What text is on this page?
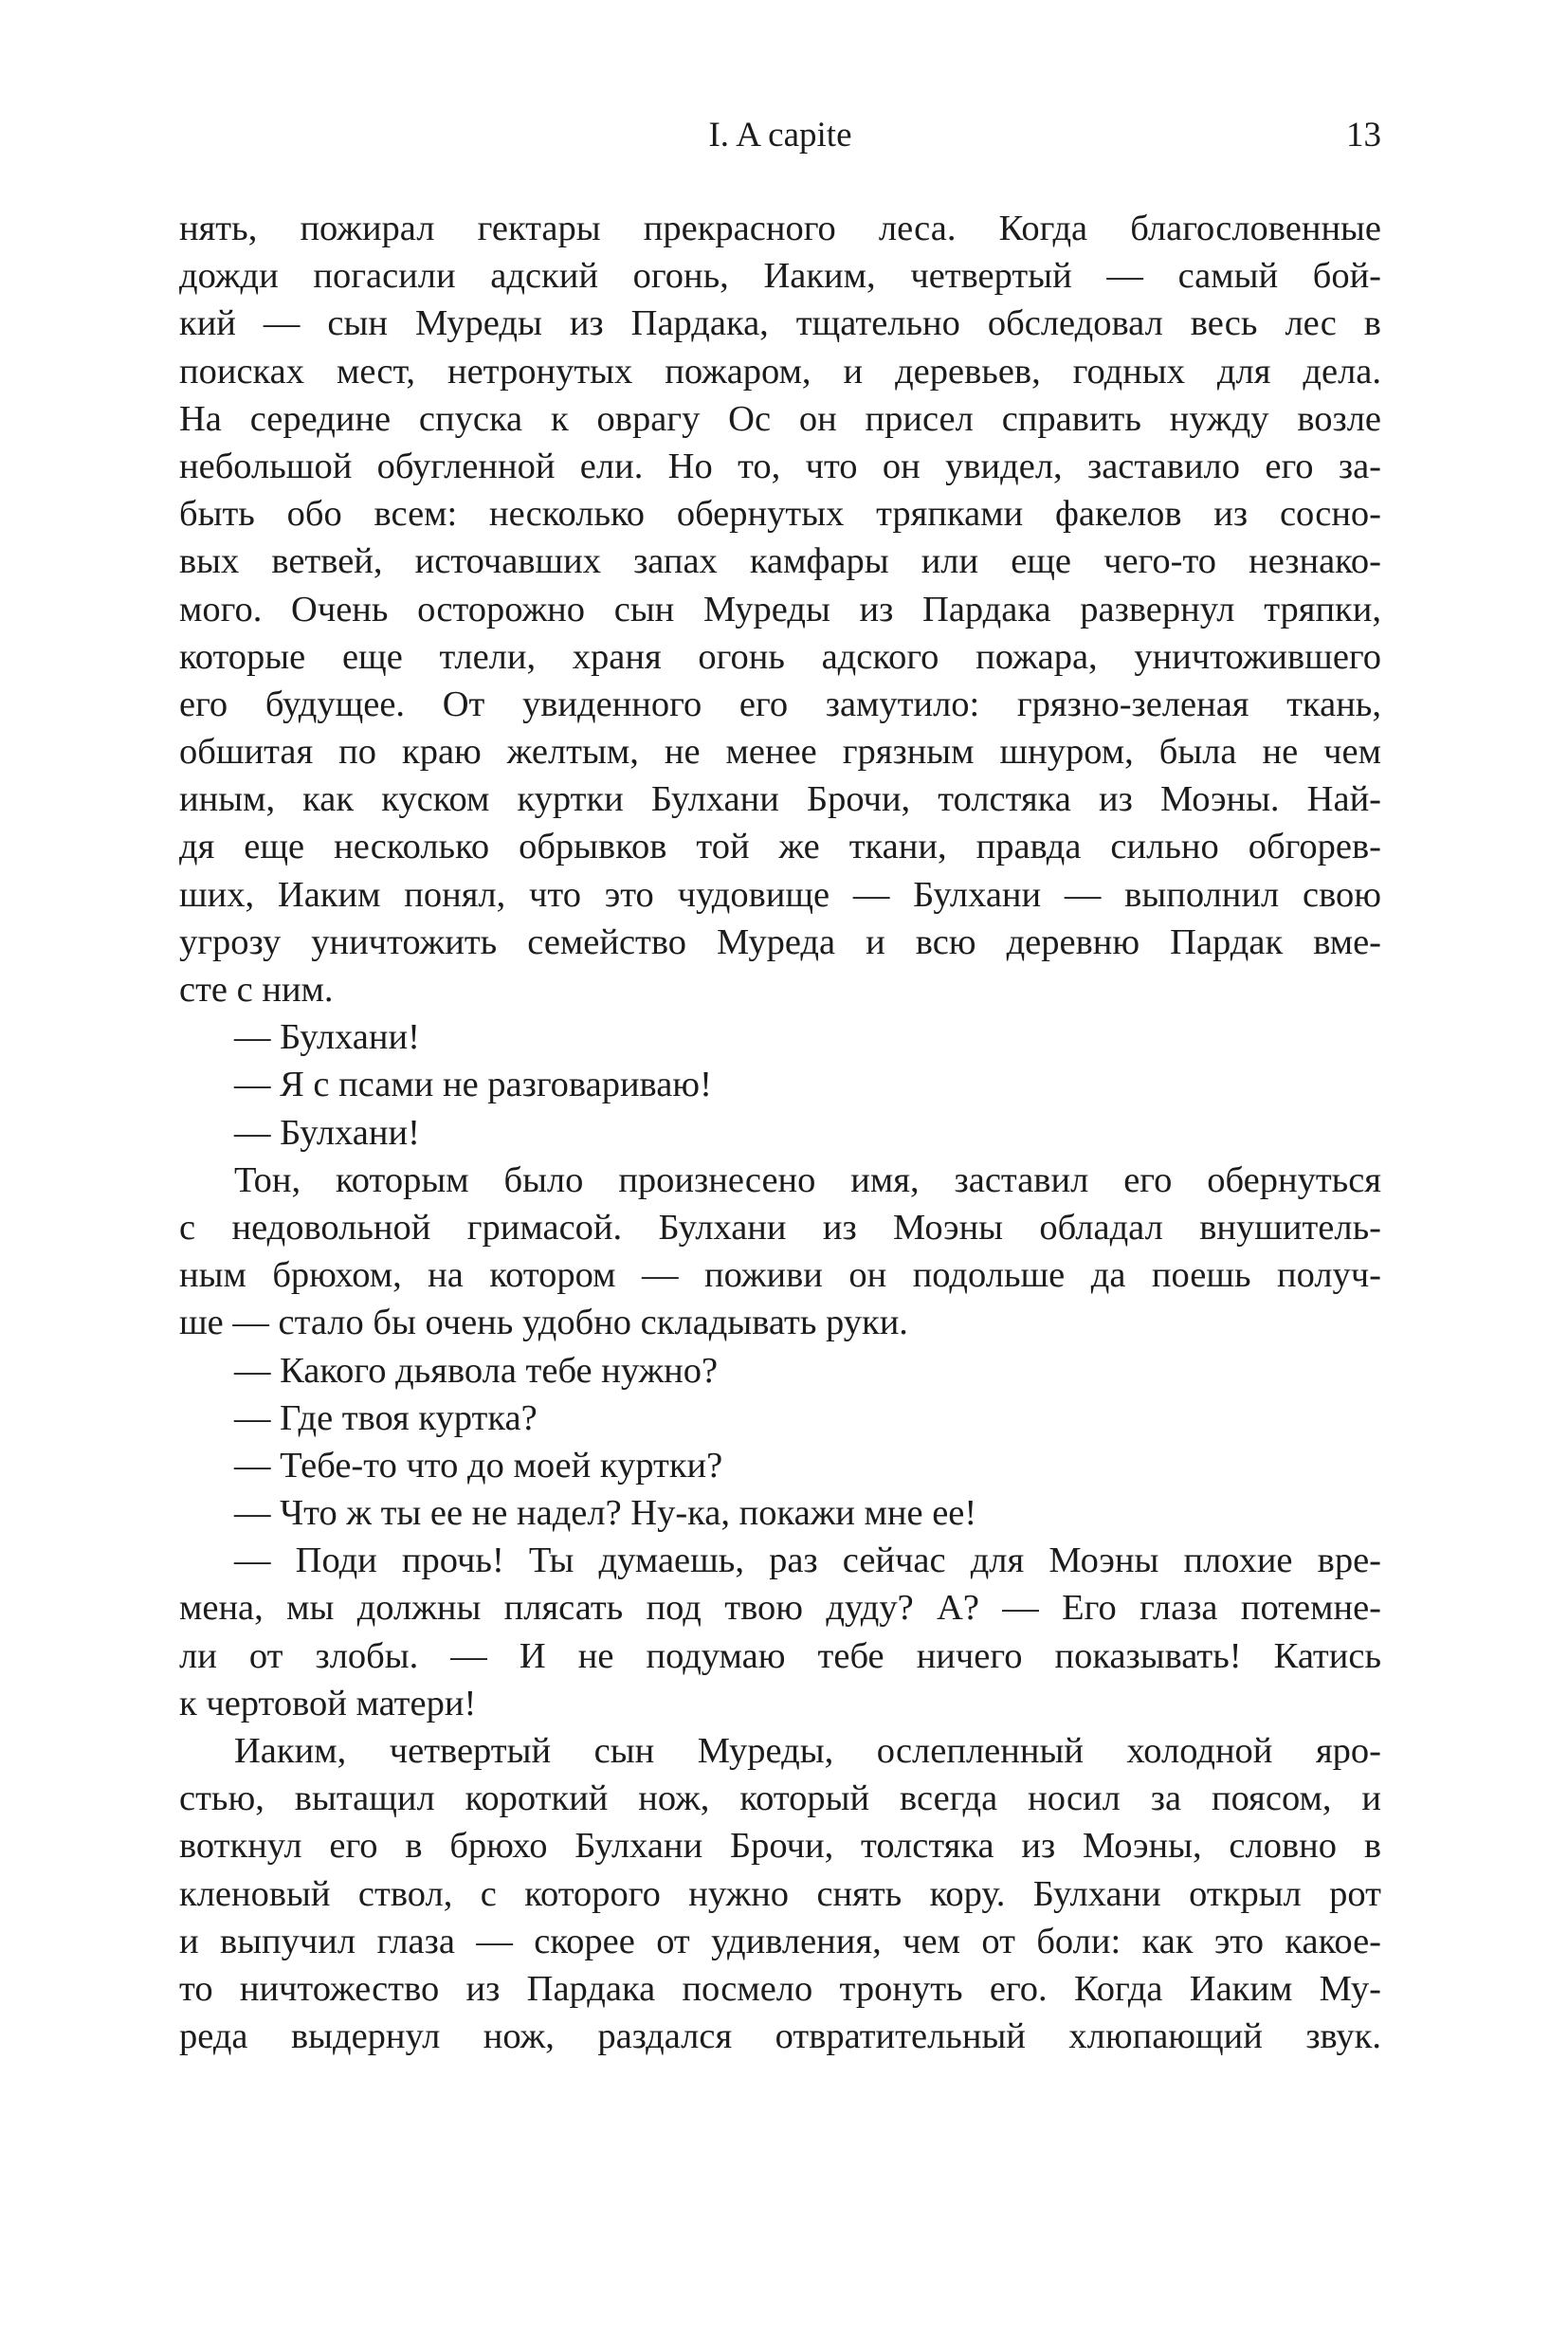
I. A capite	13
нять, пожирал гектары прекрасного леса. Когда благословенные
дожди погасили адский огонь, Иаким, четвертый — самый бой-
кий — сын Муреды из Пардака, тщательно обследовал весь лес в
поисках мест, нетронутых пожаром, и деревьев, годных для дела.
На середине спуска к оврагу Ос он присел справить нужду возле
небольшой обугленной ели. Но то, что он увидел, заставило его за-
быть обо всем: несколько обернутых тряпками факелов из сосно-
вых ветвей, источавших запах камфары или еще чего-то незнако-
мого. Очень осторожно сын Муреды из Пардака развернул тряпки,
которые еще тлели, храня огонь адского пожара, уничтожившего
его будущее. От увиденного его замутило: грязно-зеленая ткань,
обшитая по краю желтым, не менее грязным шнуром, была не чем
иным, как куском куртки Булхани Брочи, толстяка из Моэны. Най-
дя еще несколько обрывков той же ткани, правда сильно обгорев-
ших, Иаким понял, что это чудовище — Булхани — выполнил свою
угрозу уничтожить семейство Муреда и всю деревню Пардак вме-
сте с ним.
— Булхани!
— Я с псами не разговариваю!
— Булхани!
Тон, которым было произнесено имя, заставил его обернуться
с недовольной гримасой. Булхани из Моэны обладал внушитель-
ным брюхом, на котором — поживи он подольше да поешь получ-
ше — стало бы очень удобно складывать руки.
— Какого дьявола тебе нужно?
— Где твоя куртка?
— Тебе-то что до моей куртки?
— Что ж ты ее не надел? Ну-ка, покажи мне ее!
— Поди прочь! Ты думаешь, раз сейчас для Моэны плохие вре-
мена, мы должны плясать под твою дуду? А? — Его глаза потемне-
ли от злобы. — И не подумаю тебе ничего показывать! Катись
к чертовой матери!
Иаким, четвертый сын Муреды, ослепленный холодной яро-
стью, вытащил короткий нож, который всегда носил за поясом, и
воткнул его в брюхо Булхани Брочи, толстяка из Моэны, словно в
кленовый ствол, с которого нужно снять кору. Булхани открыл рот
и выпучил глаза — скорее от удивления, чем от боли: как это какое-
то ничтожество из Пардака посмело тронуть его. Когда Иаким Му-
реда выдернул нож, раздался отвратительный хлюпающий звук.
